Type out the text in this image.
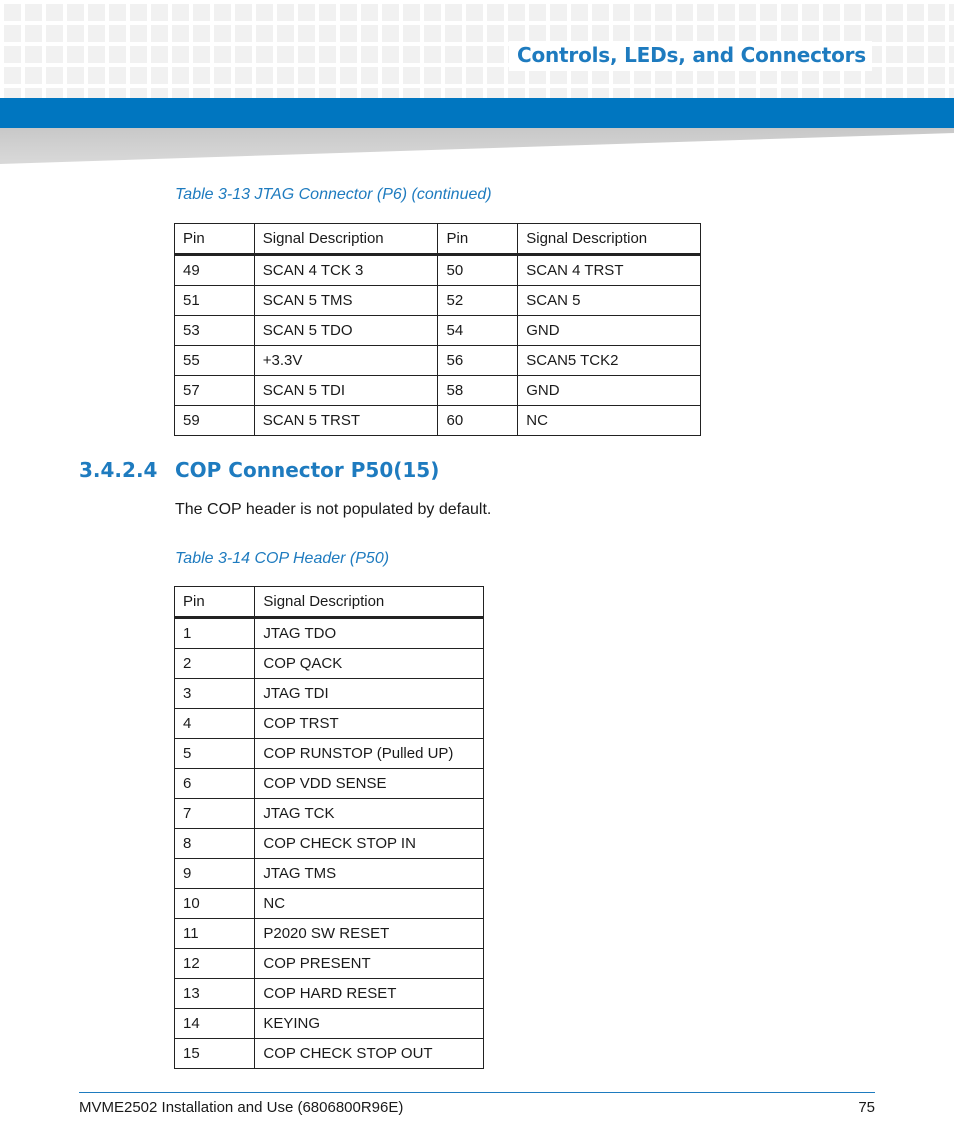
Controls, LEDs, and Connectors
Table 3-13 JTAG Connector (P6) (continued)
Pin	Signal Description	Pin	Signal Description
49	SCAN 4 TCK 3	50	SCAN 4 TRST
51	SCAN 5 TMS	52	SCAN 5
53	SCAN 5 TDO	54	GND
55	+3.3V	56	SCAN5 TCK2
57	SCAN 5 TDI	58	GND
59	SCAN 5 TRST	60	NC
3.4.2.4 COP Connector P50(15)
The COP header is not populated by default.
Table 3-14 COP Header (P50)
Pin	Signal Description
1	JTAG TDO
2	COP QACK
3	JTAG TDI
4	COP TRST
5	COP RUNSTOP (Pulled UP)
6	COP VDD SENSE
7	JTAG TCK
8	COP CHECK STOP IN
9	JTAG TMS
10	NC
11	P2020 SW RESET
12	COP PRESENT
13	COP HARD RESET
14	KEYING
15	COP CHECK STOP OUT
MVME2502 Installation and Use (6806800R96E)	75
